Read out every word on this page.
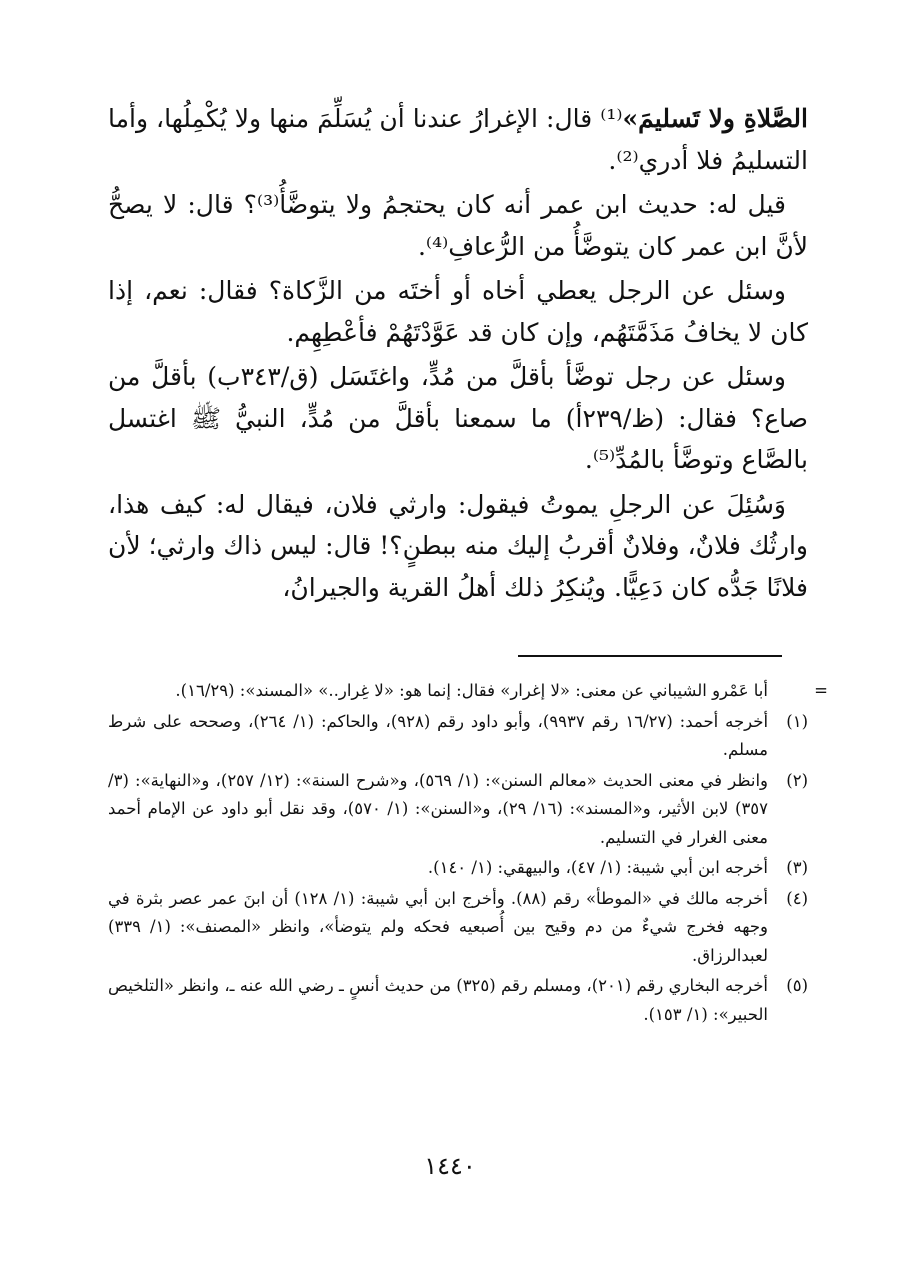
الصَّلاةِ ولا تَسليمَ»⁽¹⁾ قال: الإغرارُ عندنا أن يُسَلِّمَ منها ولا يُكْمِلُها، وأما التسليمُ فلا أدري⁽²⁾.

قيل له: حديث ابن عمر أنه كان يحتجمُ ولا يتوضَّأُ⁽³⁾؟ قال: لا يصحُّ لأنَّ ابن عمر كان يتوضَّأُ من الرُّعافِ⁽⁴⁾.

وسئل عن الرجل يعطي أخاه أو أختَه من الزَّكاة؟ فقال: نعم، إذا كان لا يخافُ مَذَمَّتَهُم، وإن كان قد عَوَّدْتَهُمْ فأعْطِهِم.

وسئل عن رجل توضَّأ بأقلَّ من مُدٍّ، واغتَسَل (ق/٣٤٣ب) بأقلَّ من صاع؟ فقال: (ظ/٢٣٩أ) ما سمعنا بأقلَّ من مُدٍّ، النبيُّ ﷺ اغتسل بالصَّاع وتوضَّأ بالمُدِّ⁽⁵⁾.

وَسُئِلَ عن الرجلِ يموتُ فيقول: وارثي فلان، فيقال له: كيف هذا، وارثُك فلانٌ، وفلانٌ أقربُ إليك منه ببطنٍ؟! قال: ليس ذاك وارثي؛ لأن فلانًا جَدُّه كان دَعِيًّا. ويُنكِرُ ذلك أهلُ القرية والجيرانُ،

=
أبا عَمْرو الشيباني عن معنى: «لا إغرار» فقال: إنما هو: «لا غِرار..» «المسند»: (١٦/٢٩).
(١)
أخرجه أحمد: (١٦/٢٧ رقم ٩٩٣٧)، وأبو داود رقم (٩٢٨)، والحاكم: (١/ ٢٦٤)، وصححه على شرط مسلم.
(٢)
وانظر في معنى الحديث «معالم السنن»: (١/ ٥٦٩)، و«شرح السنة»: (١٢/ ٢٥٧)، و«النهاية»: (٣/ ٣٥٧) لابن الأثير، و«المسند»: (١٦/ ٢٩)، و«السنن»: (١/ ٥٧٠)، وقد نقل أبو داود عن الإمام أحمد معنى الغرار في التسليم.
(٣)
أخرجه ابن أبي شيبة: (١/ ٤٧)، والبيهقي: (١/ ١٤٠).
(٤)
أخرجه مالك في «الموطأ» رقم (٨٨). وأخرج ابن أبي شيبة: (١/ ١٢٨) أن ابنَ عمر عصر بثرة في وجهه فخرج شيءٌ من دم وقيح بين أُصبعيه فحكه ولم يتوضأ»، وانظر «المصنف»: (١/ ٣٣٩) لعبدالرزاق.
(٥)
أخرجه البخاري رقم (٢٠١)، ومسلم رقم (٣٢٥) من حديث أنسٍ ـ رضي الله عنه ـ، وانظر «التلخيص الحبير»: (١/ ١٥٣).
١٤٤٠
